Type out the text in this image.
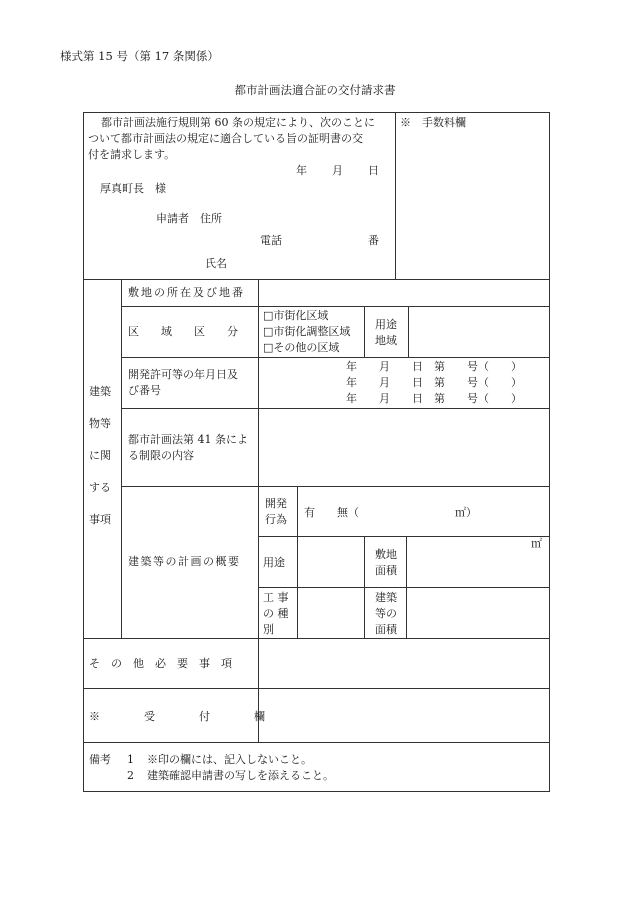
様式第 15 号（第 17 条関係）
都市計画法適合証の交付請求書
都市計画法施行規則第 60 条の規定により、次のことに
ついて都市計画法の規定に適合している旨の証明書の交
付を請求します。
年 月 日
厚真町長　様
申請者　住所
電話	番
氏名
※　手数料欄
建築
物等
に関
する
事項
敷地の所在及び地番
区　　域　　区　　分
□市街化区域
□市街化調整区域
□その他の区域
用途
地域
開発許可等の年月日及
び番号
年　　月　　日　第　　号（　　）
年　　月　　日　第　　号（　　）
年　　月　　日　第　　号（　　）
都市計画法第 41 条によ
る制限の内容
建築等の計画の概要
開発
行為
有　　無（	㎡）
用途
敷地
面積
㎡
工 事
の 種
別
建築
等の
面積
そ　の　他　必　要　事　項
※　　　　受　　　　付　　　　欄
備考 1 ※印の欄には、記入しないこと。
2 建築確認申請書の写しを添えること。
